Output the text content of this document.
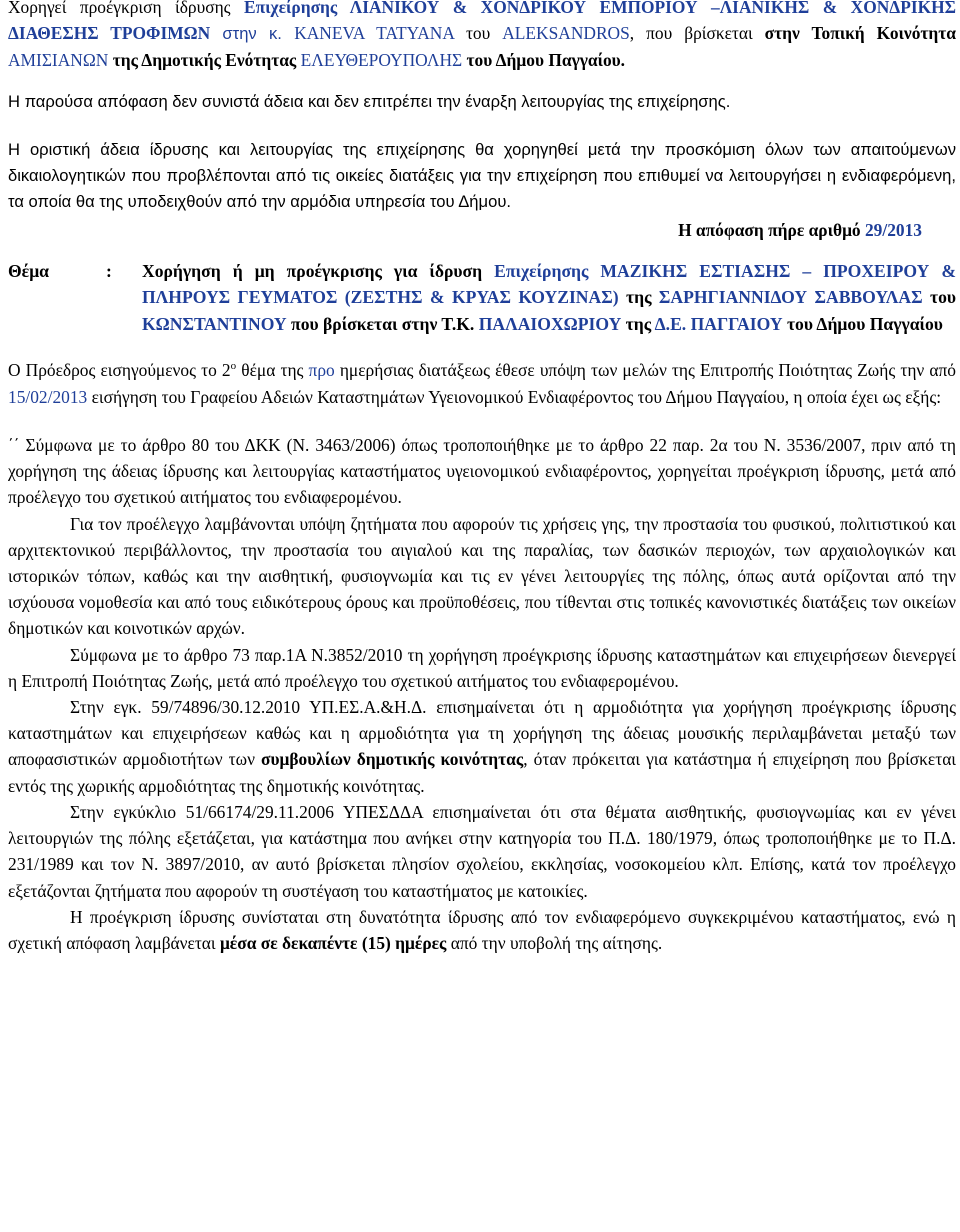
Χορηγεί προέγκριση ίδρυσης Επιχείρησης ΛΙΑΝΙΚΟΥ & ΧΟΝΔΡΙΚΟΥ ΕΜΠΟΡΙΟΥ –ΛΙΑΝΙΚΗΣ & ΧΟΝΔΡΙΚΗΣ ΔΙΑΘΕΣΗΣ ΤΡΟΦΙΜΩΝ στην κ. KANEVA TATYANA του ALEKSANDROS, που βρίσκεται στην Τοπική Κοινότητα ΑΜΙΣΙΑΝΩΝ της Δημοτικής Ενότητας ΕΛΕΥΘΕΡΟΥΠΟΛΗΣ του Δήμου Παγγαίου.

Η παρούσα απόφαση δεν συνιστά άδεια και δεν επιτρέπει την έναρξη λειτουργίας της επιχείρησης.

Η οριστική άδεια ίδρυσης και λειτουργίας της επιχείρησης θα χορηγηθεί μετά την προσκόμιση όλων των απαιτούμενων δικαιολογητικών που προβλέπονται από τις οικείες διατάξεις για την επιχείρηση που επιθυμεί να λειτουργήσει η ενδιαφερόμενη, τα οποία θα της υποδειχθούν από την αρμόδια υπηρεσία του Δήμου.

Η απόφαση πήρε αριθμό 29/2013

Θέμα	:	Χορήγηση ή μη προέγκρισης για ίδρυση Επιχείρησης ΜΑΖΙΚΗΣ ΕΣΤΙΑΣΗΣ – ΠΡΟΧΕΙΡΟΥ & ΠΛΗΡΟΥΣ ΓΕΥΜΑΤΟΣ (ΖΕΣΤΗΣ & ΚΡΥΑΣ ΚΟΥΖΙΝΑΣ) της ΣΑΡΗΓΙΑΝΝΙΔΟΥ ΣΑΒΒΟΥΛΑΣ του ΚΩΝΣΤΑΝΤΙΝΟΥ που βρίσκεται στην Τ.Κ. ΠΑΛΑΙΟΧΩΡΙΟΥ της Δ.Ε. ΠΑΓΓΑΙΟΥ του Δήμου Παγγαίου

Ο Πρόεδρος εισηγούμενος το $2^o$ θέμα της προ ημερήσιας διατάξεως έθεσε υπόψη των μελών της Επιτροπής Ποιότητας Ζωής την από 15/02/2013 εισήγηση του Γραφείου Αδειών Καταστημάτων Υγειονομικού Ενδιαφέροντος του Δήμου Παγγαίου, η οποία έχει ως εξής:

΄΄ Σύμφωνα με το άρθρο 80 του ΔΚΚ (Ν. 3463/2006) όπως τροποποιήθηκε με το άρθρο 22 παρ. 2α του Ν. 3536/2007, πριν από τη χορήγηση της άδειας ίδρυσης και λειτουργίας καταστήματος υγειονομικού ενδιαφέροντος, χορηγείται προέγκριση ίδρυσης, μετά από προέλεγχο του σχετικού αιτήματος του ενδιαφερομένου.

Για τον προέλεγχο λαμβάνονται υπόψη ζητήματα που αφορούν τις χρήσεις γης, την προστασία του φυσικού, πολιτιστικού και αρχιτεκτονικού περιβάλλοντος, την προστασία του αιγιαλού και της παραλίας, των δασικών περιοχών, των αρχαιολογικών και ιστορικών τόπων, καθώς και την αισθητική, φυσιογνωμία και τις εν γένει λειτουργίες της πόλης, όπως αυτά ορίζονται από την ισχύουσα νομοθεσία και από τους ειδικότερους όρους και προϋποθέσεις, που τίθενται στις τοπικές κανονιστικές διατάξεις των οικείων δημοτικών και κοινοτικών αρχών.

Σύμφωνα με το άρθρο 73 παρ.1Α Ν.3852/2010 τη χορήγηση προέγκρισης ίδρυσης καταστημάτων και επιχειρήσεων διενεργεί η Επιτροπή Ποιότητας Ζωής, μετά από προέλεγχο του σχετικού αιτήματος του ενδιαφερομένου.

Στην εγκ. 59/74896/30.12.2010 ΥΠ.ΕΣ.Α.&Η.Δ. επισημαίνεται ότι η αρμοδιότητα για χορήγηση προέγκρισης ίδρυσης καταστημάτων και επιχειρήσεων καθώς και η αρμοδιότητα για τη χορήγηση της άδειας μουσικής περιλαμβάνεται μεταξύ των αποφασιστικών αρμοδιοτήτων των συμβουλίων δημοτικής κοινότητας, όταν πρόκειται για κατάστημα ή επιχείρηση που βρίσκεται εντός της χωρικής αρμοδιότητας της δημοτικής κοινότητας.

Στην εγκύκλιο 51/66174/29.11.2006 ΥΠΕΣΔΔΑ επισημαίνεται ότι στα θέματα αισθητικής, φυσιογνωμίας και εν γένει λειτουργιών της πόλης εξετάζεται, για κατάστημα που ανήκει στην κατηγορία του Π.Δ. 180/1979, όπως τροποποιήθηκε με το Π.Δ. 231/1989 και τον Ν. 3897/2010, αν αυτό βρίσκεται πλησίον σχολείου, εκκλησίας, νοσοκομείου κλπ. Επίσης, κατά τον προέλεγχο εξετάζονται ζητήματα που αφορούν τη συστέγαση του καταστήματος με κατοικίες.

Η προέγκριση ίδρυσης συνίσταται στη δυνατότητα ίδρυσης από τον ενδιαφερόμενο συγκεκριμένου καταστήματος, ενώ η σχετική απόφαση λαμβάνεται μέσα σε δεκαπέντε (15) ημέρες από την υποβολή της αίτησης.
